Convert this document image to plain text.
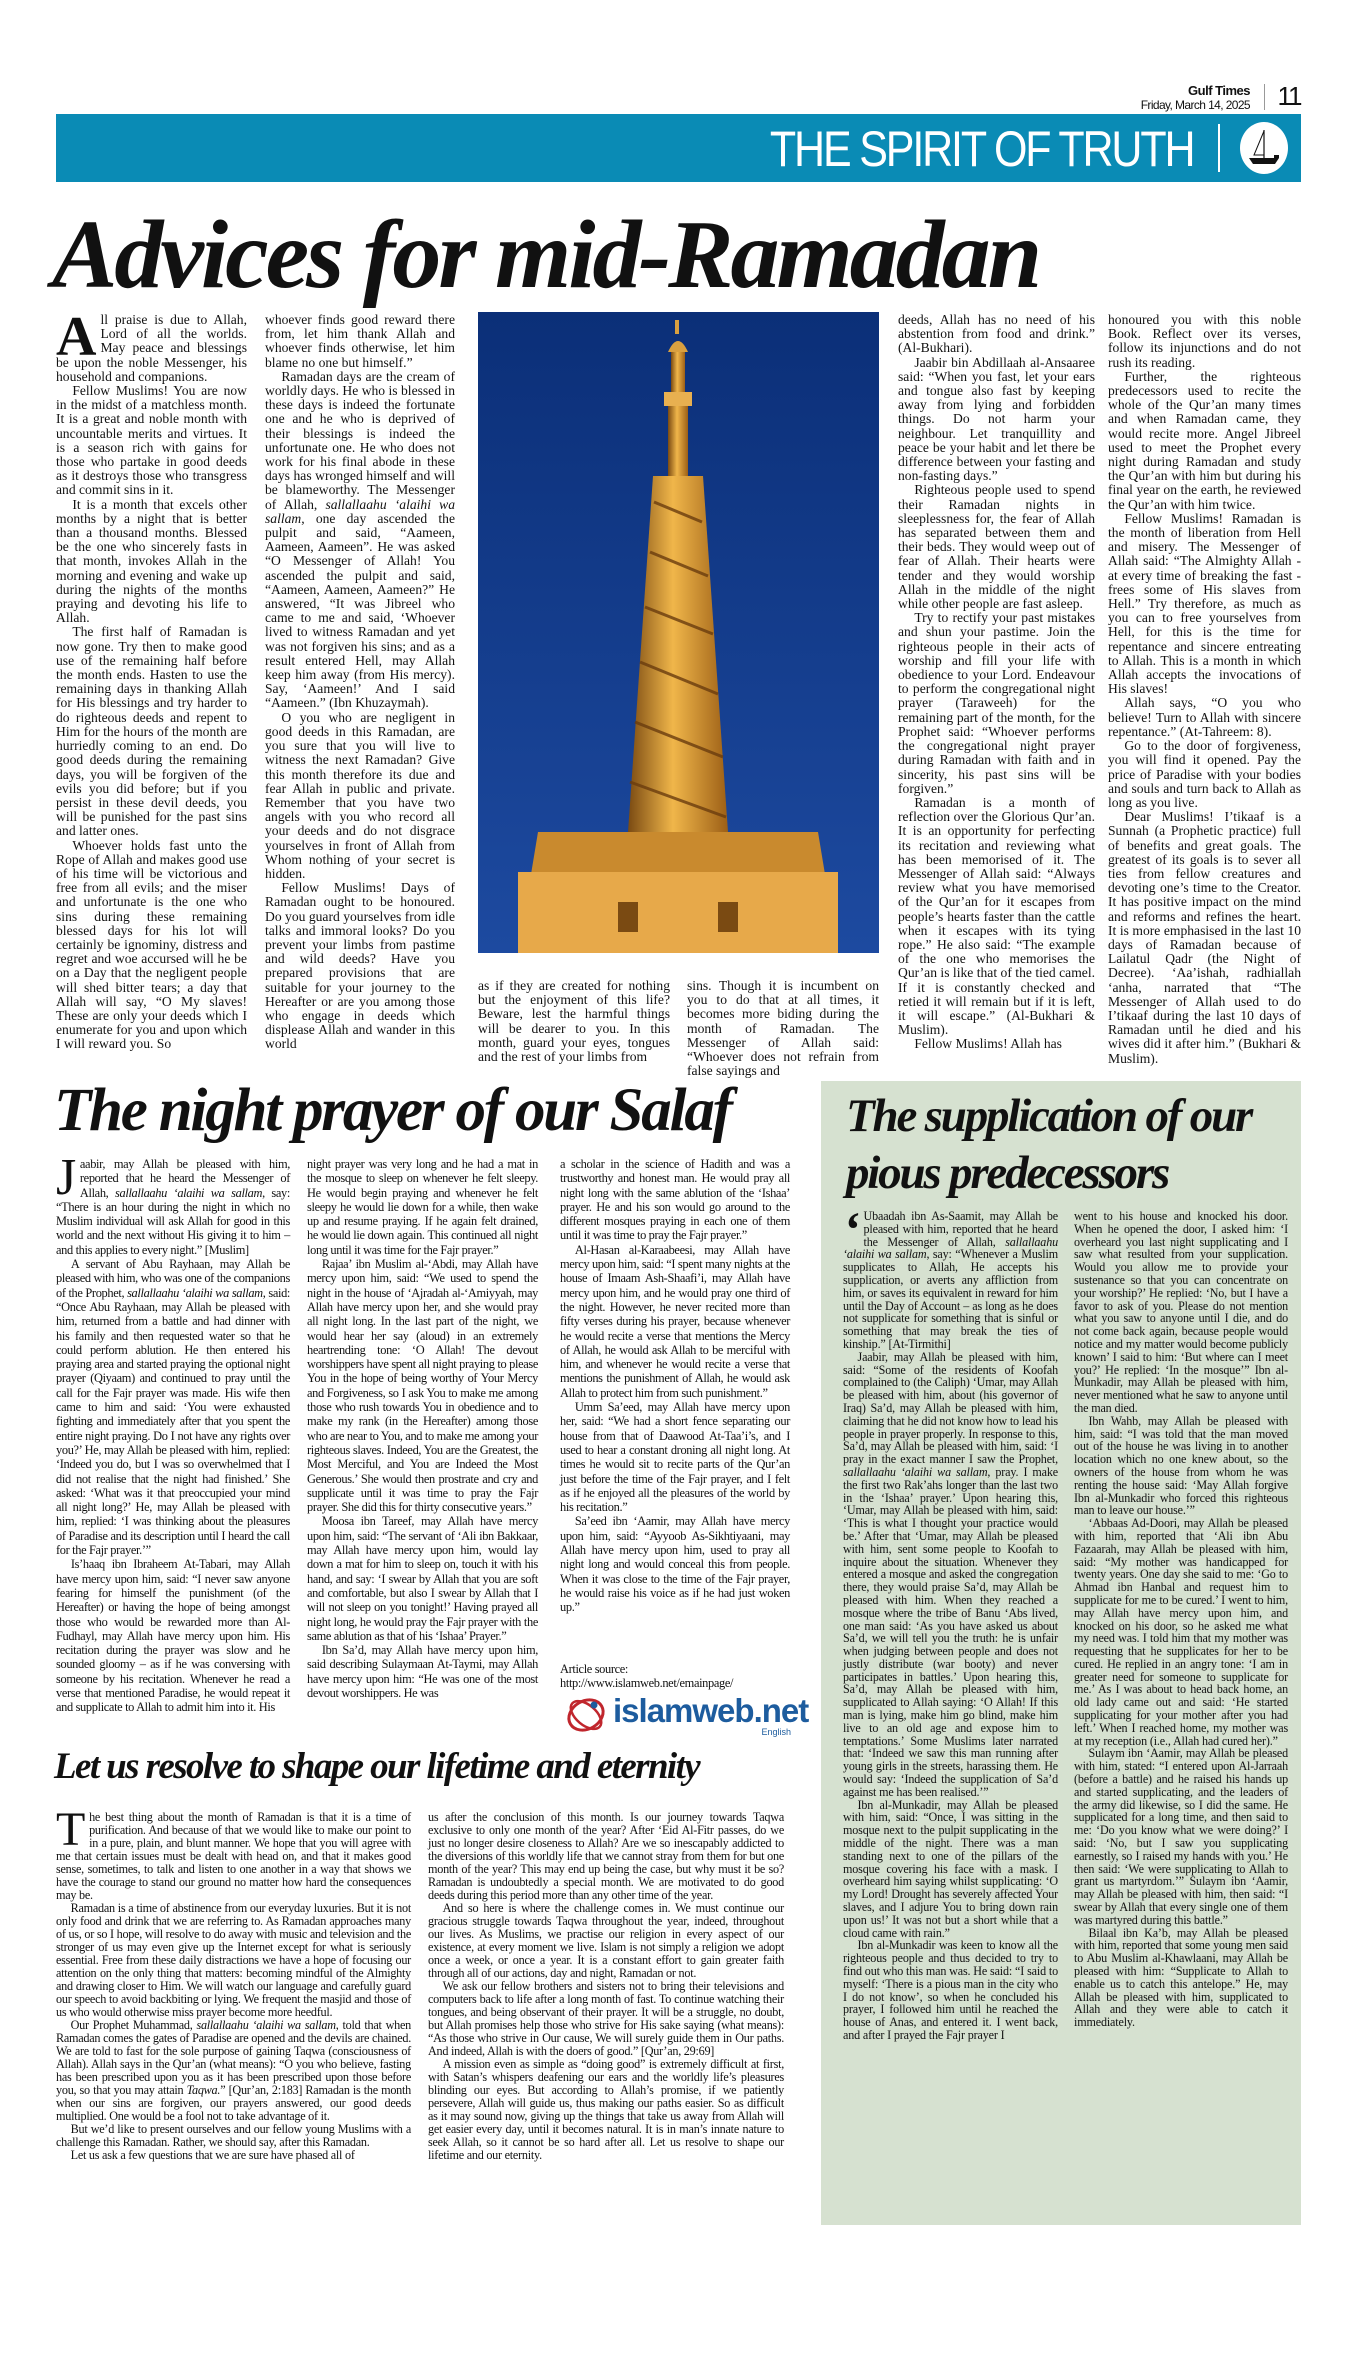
Gulf Times
Friday, March 14, 2025 11
THE SPIRIT OF TRUTH
Advices for mid-Ramadan
The night prayer of our Salaf
Article source: http://www.islamweb.net/emainpage/
islamweb.net
English
Let us resolve to shape our lifetime and eternity
The supplication of our pious predecessors

All praise is due to Allah, Lord of all the worlds. May peace and blessings be upon the noble Messenger, his household and companions.

Fellow Muslims! You are now in the midst of a matchless month. It is a great and noble month with uncountable merits and virtues. It is a season rich with gains for those who partake in good deeds as it destroys those who transgress and commit sins in it.

It is a month that excels other months by a night that is better than a thousand months. Blessed be the one who sincerely fasts in that month, invokes Allah in the morning and evening and wake up during the nights of the months praying and devoting his life to Allah.

The first half of Ramadan is now gone. Try then to make good use of the remaining half before the month ends. Hasten to use the remaining days in thanking Allah for His blessings and try harder to do righteous deeds and repent to Him for the hours of the month are hurriedly coming to an end. Do good deeds during the remaining days, you will be forgiven of the evils you did before; but if you persist in these devil deeds, you will be punished for the past sins and latter ones.

Whoever holds fast unto the Rope of Allah and makes good use of his time will be victorious and free from all evils; and the miser and unfortunate is the one who sins during these remaining blessed days for his lot will certainly be ignominy, distress and regret and woe accursed will he be on a Day that the negligent people will shed bitter tears; a day that Allah will say, “O My slaves! These are only your deeds which I enumerate for you and upon which I will reward you. So

whoever finds good reward there from, let him thank Allah and whoever finds otherwise, let him blame no one but himself.”

Ramadan days are the cream of worldly days. He who is blessed in these days is indeed the fortunate one and he who is deprived of their blessings is indeed the unfortunate one. He who does not work for his final abode in these days has wronged himself and will be blameworthy. The Messenger of Allah, sallallaahu ‘alaihi wa sallam, one day ascended the pulpit and said, “Aameen, Aameen, Aameen”. He was asked “O Messenger of Allah! You ascended the pulpit and said, “Aameen, Aameen, Aameen?” He answered, “It was Jibreel who came to me and said, ‘Whoever lived to witness Ramadan and yet was not forgiven his sins; and as a result entered Hell, may Allah keep him away (from His mercy). Say, ‘Aameen!’ And I said “Aameen.” (Ibn Khuzaymah).

O you who are negligent in good deeds in this Ramadan, are you sure that you will live to witness the next Ramadan? Give this month therefore its due and fear Allah in public and private. Remember that you have two angels with you who record all your deeds and do not disgrace yourselves in front of Allah from Whom nothing of your secret is hidden.

Fellow Muslims! Days of Ramadan ought to be honoured. Do you guard yourselves from idle talks and immoral looks? Do you prevent your limbs from pastime and wild deeds? Have you prepared provisions that are suitable for your journey to the Hereafter or are you among those who engage in deeds which displease Allah and wander in this world

as if they are created for nothing but the enjoyment of this life? Beware, lest the harmful things will be dearer to you. In this month, guard your eyes, tongues and the rest of your limbs from

sins. Though it is incumbent on you to do that at all times, it becomes more biding during the month of Ramadan. The Messenger of Allah said: “Whoever does not refrain from false sayings and

deeds, Allah has no need of his abstention from food and drink.” (Al-Bukhari).

Jaabir bin Abdillaah al-Ansaaree said: “When you fast, let your ears and tongue also fast by keeping away from lying and forbidden things. Do not harm your neighbour. Let tranquillity and peace be your habit and let there be difference between your fasting and non-fasting days.”

Righteous people used to spend their Ramadan nights in sleeplessness for, the fear of Allah has separated between them and their beds. They would weep out of fear of Allah. Their hearts were tender and they would worship Allah in the middle of the night while other people are fast asleep.

Try to rectify your past mistakes and shun your pastime. Join the righteous people in their acts of worship and fill your life with obedience to your Lord. Endeavour to perform the congregational night prayer (Taraweeh) for the remaining part of the month, for the Prophet said: “Whoever performs the congregational night prayer during Ramadan with faith and in sincerity, his past sins will be forgiven.”

Ramadan is a month of reflection over the Glorious Qur’an. It is an opportunity for perfecting its recitation and reviewing what has been memorised of it. The Messenger of Allah said: “Always review what you have memorised of the Qur’an for it escapes from people’s hearts faster than the cattle when it escapes with its tying rope.” He also said: “The example of the one who memorises the Qur’an is like that of the tied camel. If it is constantly checked and retied it will remain but if it is left, it will escape.” (Al-Bukhari & Muslim).

Fellow Muslims! Allah has

honoured you with this noble Book. Reflect over its verses, follow its injunctions and do not rush its reading.

Further, the righteous predecessors used to recite the whole of the Qur’an many times and when Ramadan came, they would recite more. Angel Jibreel used to meet the Prophet every night during Ramadan and study the Qur’an with him but during his final year on the earth, he reviewed the Qur’an with him twice.

Fellow Muslims! Ramadan is the month of liberation from Hell and misery. The Messenger of Allah said: “The Almighty Allah - at every time of breaking the fast - frees some of His slaves from Hell.” Try therefore, as much as you can to free yourselves from Hell, for this is the time for repentance and sincere entreating to Allah. This is a month in which Allah accepts the invocations of His slaves!

Allah says, “O you who believe! Turn to Allah with sincere repentance.” (At-Tahreem: 8).

Go to the door of forgiveness, you will find it opened. Pay the price of Paradise with your bodies and souls and turn back to Allah as long as you live.

Dear Muslims! I’tikaaf is a Sunnah (a Prophetic practice) full of benefits and great goals. The greatest of its goals is to sever all ties from fellow creatures and devoting one’s time to the Creator. It has positive impact on the mind and reforms and refines the heart. It is more emphasised in the last 10 days of Ramadan because of Lailatul Qadr (the Night of Decree). ‘Aa’ishah, radhiallah ‘anha, narrated that “The Messenger of Allah used to do I’tikaaf during the last 10 days of Ramadan until he died and his wives did it after him.” (Bukhari & Muslim).

Jaabir, may Allah be pleased with him, reported that he heard the Messenger of Allah, sallallaahu ‘alaihi wa sallam, say: “There is an hour during the night in which no Muslim individual will ask Allah for good in this world and the next without His giving it to him – and this applies to every night.” [Muslim]

A servant of Abu Rayhaan, may Allah be pleased with him, who was one of the companions of the Prophet, sallallaahu ‘alaihi wa sallam, said: “Once Abu Rayhaan, may Allah be pleased with him, returned from a battle and had dinner with his family and then requested water so that he could perform ablution. He then entered his praying area and started praying the optional night prayer (Qiyaam) and continued to pray until the call for the Fajr prayer was made. His wife then came to him and said: ‘You were exhausted fighting and immediately after that you spent the entire night praying. Do I not have any rights over you?’ He, may Allah be pleased with him, replied: ‘Indeed you do, but I was so overwhelmed that I did not realise that the night had finished.’ She asked: ‘What was it that preoccupied your mind all night long?’ He, may Allah be pleased with him, replied: ‘I was thinking about the pleasures of Paradise and its description until I heard the call for the Fajr prayer.’”

Is’haaq ibn Ibraheem At-Tabari, may Allah have mercy upon him, said: “I never saw anyone fearing for himself the punishment (of the Hereafter) or having the hope of being amongst those who would be rewarded more than Al-Fudhayl, may Allah have mercy upon him. His recitation during the prayer was slow and he sounded gloomy – as if he was conversing with someone by his recitation. Whenever he read a verse that mentioned Paradise, he would repeat it and supplicate to Allah to admit him into it. His

night prayer was very long and he had a mat in the mosque to sleep on whenever he felt sleepy. He would begin praying and whenever he felt sleepy he would lie down for a while, then wake up and resume praying. If he again felt drained, he would lie down again. This continued all night long until it was time for the Fajr prayer.”

Rajaa’ ibn Muslim al-‘Abdi, may Allah have mercy upon him, said: “We used to spend the night in the house of ‘Ajradah al-‘Amiyyah, may Allah have mercy upon her, and she would pray all night long. In the last part of the night, we would hear her say (aloud) in an extremely heartrending tone: ‘O Allah! The devout worshippers have spent all night praying to please You in the hope of being worthy of Your Mercy and Forgiveness, so I ask You to make me among those who rush towards You in obedience and to make my rank (in the Hereafter) among those who are near to You, and to make me among your righteous slaves. Indeed, You are the Greatest, the Most Merciful, and You are Indeed the Most Generous.’ She would then prostrate and cry and supplicate until it was time to pray the Fajr prayer. She did this for thirty consecutive years.”

Moosa ibn Tareef, may Allah have mercy upon him, said: “The servant of ‘Ali ibn Bakkaar, may Allah have mercy upon him, would lay down a mat for him to sleep on, touch it with his hand, and say: ‘I swear by Allah that you are soft and comfortable, but also I swear by Allah that I will not sleep on you tonight!’ Having prayed all night long, he would pray the Fajr prayer with the same ablution as that of his ‘Ishaa’ Prayer.”

Ibn Sa’d, may Allah have mercy upon him, said describing Sulaymaan At-Taymi, may Allah have mercy upon him: “He was one of the most devout worshippers. He was

a scholar in the science of Hadith and was a trustworthy and honest man. He would pray all night long with the same ablution of the ‘Ishaa’ prayer. He and his son would go around to the different mosques praying in each one of them until it was time to pray the Fajr prayer.”

Al-Hasan al-Karaabeesi, may Allah have mercy upon him, said: “I spent many nights at the house of Imaam Ash-Shaafi’i, may Allah have mercy upon him, and he would pray one third of the night. However, he never recited more than fifty verses during his prayer, because whenever he would recite a verse that mentions the Mercy of Allah, he would ask Allah to be merciful with him, and whenever he would recite a verse that mentions the punishment of Allah, he would ask Allah to protect him from such punishment.”

Umm Sa’eed, may Allah have mercy upon her, said: “We had a short fence separating our house from that of Daawood At-Taa’i’s, and I used to hear a constant droning all night long. At times he would sit to recite parts of the Qur’an just before the time of the Fajr prayer, and I felt as if he enjoyed all the pleasures of the world by his recitation.”

Sa’eed ibn ‘Aamir, may Allah have mercy upon him, said: “Ayyoob As-Sikhtiyaani, may Allah have mercy upon him, used to pray all night long and would conceal this from people. When it was close to the time of the Fajr prayer, he would raise his voice as if he had just woken up.”

The best thing about the month of Ramadan is that it is a time of purification. And because of that we would like to make our point to in a pure, plain, and blunt manner. We hope that you will agree with me that certain issues must be dealt with head on, and that it makes good sense, sometimes, to talk and listen to one another in a way that shows we have the courage to stand our ground no matter how hard the consequences may be.

Ramadan is a time of abstinence from our everyday luxuries. But it is not only food and drink that we are referring to. As Ramadan approaches many of us, or so I hope, will resolve to do away with music and television and the stronger of us may even give up the Internet except for what is seriously essential. Free from these daily distractions we have a hope of focusing our attention on the only thing that matters: becoming mindful of the Almighty and drawing closer to Him. We will watch our language and carefully guard our speech to avoid backbiting or lying. We frequent the masjid and those of us who would otherwise miss prayer become more heedful.

Our Prophet Muhammad, sallallaahu ‘alaihi wa sallam, told that when Ramadan comes the gates of Paradise are opened and the devils are chained. We are told to fast for the sole purpose of gaining Taqwa (consciousness of Allah). Allah says in the Qur’an (what means): “O you who believe, fasting has been prescribed upon you as it has been prescribed upon those before you, so that you may attain Taqwa.” [Qur’an, 2:183] Ramadan is the month when our sins are forgiven, our prayers answered, our good deeds multiplied. One would be a fool not to take advantage of it.

But we’d like to present ourselves and our fellow young Muslims with a challenge this Ramadan. Rather, we should say, after this Ramadan.

Let us ask a few questions that we are sure have phased all of

us after the conclusion of this month. Is our journey towards Taqwa exclusive to only one month of the year? After ‘Eid Al-Fitr passes, do we just no longer desire closeness to Allah? Are we so inescapably addicted to the diversions of this worldly life that we cannot stray from them for but one month of the year? This may end up being the case, but why must it be so? Ramadan is undoubtedly a special month. We are motivated to do good deeds during this period more than any other time of the year.

And so here is where the challenge comes in. We must continue our gracious struggle towards Taqwa throughout the year, indeed, throughout our lives. As Muslims, we practise our religion in every aspect of our existence, at every moment we live. Islam is not simply a religion we adopt once a week, or once a year. It is a constant effort to gain greater faith through all of our actions, day and night, Ramadan or not.

We ask our fellow brothers and sisters not to bring their televisions and computers back to life after a long month of fast. To continue watching their tongues, and being observant of their prayer. It will be a struggle, no doubt, but Allah promises help those who strive for His sake saying (what means): “As those who strive in Our cause, We will surely guide them in Our paths. And indeed, Allah is with the doers of good.” [Qur’an, 29:69]

A mission even as simple as “doing good” is extremely difficult at first, with Satan’s whispers deafening our ears and the worldly life’s pleasures blinding our eyes. But according to Allah’s promise, if we patiently persevere, Allah will guide us, thus making our paths easier. So as difficult as it may sound now, giving up the things that take us away from Allah will get easier every day, until it becomes natural. It is in man’s innate nature to seek Allah, so it cannot be so hard after all. Let us resolve to shape our lifetime and our eternity.

‘ Ubaadah ibn As-Saamit, may Allah be pleased with him, reported that he heard the Messenger of Allah, sallallaahu ‘alaihi wa sallam, say: “Whenever a Muslim supplicates to Allah, He accepts his supplication, or averts any affliction from him, or saves its equivalent in reward for him until the Day of Account – as long as he does not supplicate for something that is sinful or something that may break the ties of kinship.” [At-Tirmithi]

Jaabir, may Allah be pleased with him, said: “Some of the residents of Koofah complained to (the Caliph) ‘Umar, may Allah be pleased with him, about (his governor of Iraq) Sa’d, may Allah be pleased with him, claiming that he did not know how to lead his people in prayer properly. In response to this, Sa’d, may Allah be pleased with him, said: ‘I pray in the exact manner I saw the Prophet, sallallaahu ‘alaihi wa sallam, pray. I make the first two Rak’ahs longer than the last two in the ‘Ishaa’ prayer.’ Upon hearing this, ‘Umar, may Allah be pleased with him, said: ‘This is what I thought your practice would be.’ After that ‘Umar, may Allah be pleased with him, sent some people to Koofah to inquire about the situation. Whenever they entered a mosque and asked the congregation there, they would praise Sa’d, may Allah be pleased with him. When they reached a mosque where the tribe of Banu ‘Abs lived, one man said: ‘As you have asked us about Sa’d, we will tell you the truth: he is unfair when judging between people and does not justly distribute (war booty) and never participates in battles.’ Upon hearing this, Sa’d, may Allah be pleased with him, supplicated to Allah saying: ‘O Allah! If this man is lying, make him go blind, make him live to an old age and expose him to temptations.’ Some Muslims later narrated that: ‘Indeed we saw this man running after young girls in the streets, harassing them. He would say: ‘Indeed the supplication of Sa’d against me has been realised.’”

Ibn al-Munkadir, may Allah be pleased with him, said: “Once, I was sitting in the mosque next to the pulpit supplicating in the middle of the night. There was a man standing next to one of the pillars of the mosque covering his face with a mask. I overheard him saying whilst supplicating: ‘O my Lord! Drought has severely affected Your slaves, and I adjure You to bring down rain upon us!’ It was not but a short while that a cloud came with rain.”

Ibn al-Munkadir was keen to know all the righteous people and thus decided to try to find out who this man was. He said: “I said to myself: ‘There is a pious man in the city who I do not know’, so when he concluded his prayer, I followed him until he reached the house of Anas, and entered it. I went back, and after I prayed the Fajr prayer I

went to his house and knocked his door. When he opened the door, I asked him: ‘I overheard you last night supplicating and I saw what resulted from your supplication. Would you allow me to provide your sustenance so that you can concentrate on your worship?’ He replied: ‘No, but I have a favor to ask of you. Please do not mention what you saw to anyone until I die, and do not come back again, because people would notice and my matter would become publicly known’ I said to him: ‘But where can I meet you?’ He replied: ‘In the mosque’” Ibn al-Munkadir, may Allah be pleased with him, never mentioned what he saw to anyone until the man died.

Ibn Wahb, may Allah be pleased with him, said: “I was told that the man moved out of the house he was living in to another location which no one knew about, so the owners of the house from whom he was renting the house said: ‘May Allah forgive Ibn al-Munkadir who forced this righteous man to leave our house.’”

‘Abbaas Ad-Doori, may Allah be pleased with him, reported that ‘Ali ibn Abu Fazaarah, may Allah be pleased with him, said: “My mother was handicapped for twenty years. One day she said to me: ‘Go to Ahmad ibn Hanbal and request him to supplicate for me to be cured.’ I went to him, may Allah have mercy upon him, and knocked on his door, so he asked me what my need was. I told him that my mother was requesting that he supplicates for her to be cured. He replied in an angry tone: ‘I am in greater need for someone to supplicate for me.’ As I was about to head back home, an old lady came out and said: ‘He started supplicating for your mother after you had left.’ When I reached home, my mother was at my reception (i.e., Allah had cured her).”

Sulaym ibn ‘Aamir, may Allah be pleased with him, stated: “I entered upon Al-Jarraah (before a battle) and he raised his hands up and started supplicating, and the leaders of the army did likewise, so I did the same. He supplicated for a long time, and then said to me: ‘Do you know what we were doing?’ I said: ‘No, but I saw you supplicating earnestly, so I raised my hands with you.’ He then said: ‘We were supplicating to Allah to grant us martyrdom.’” Sulaym ibn ‘Aamir, may Allah be pleased with him, then said: “I swear by Allah that every single one of them was martyred during this battle.”

Bilaal ibn Ka’b, may Allah be pleased with him, reported that some young men said to Abu Muslim al-Khawlaani, may Allah be pleased with him: “Supplicate to Allah to enable us to catch this antelope.” He, may Allah be pleased with him, supplicated to Allah and they were able to catch it immediately.
